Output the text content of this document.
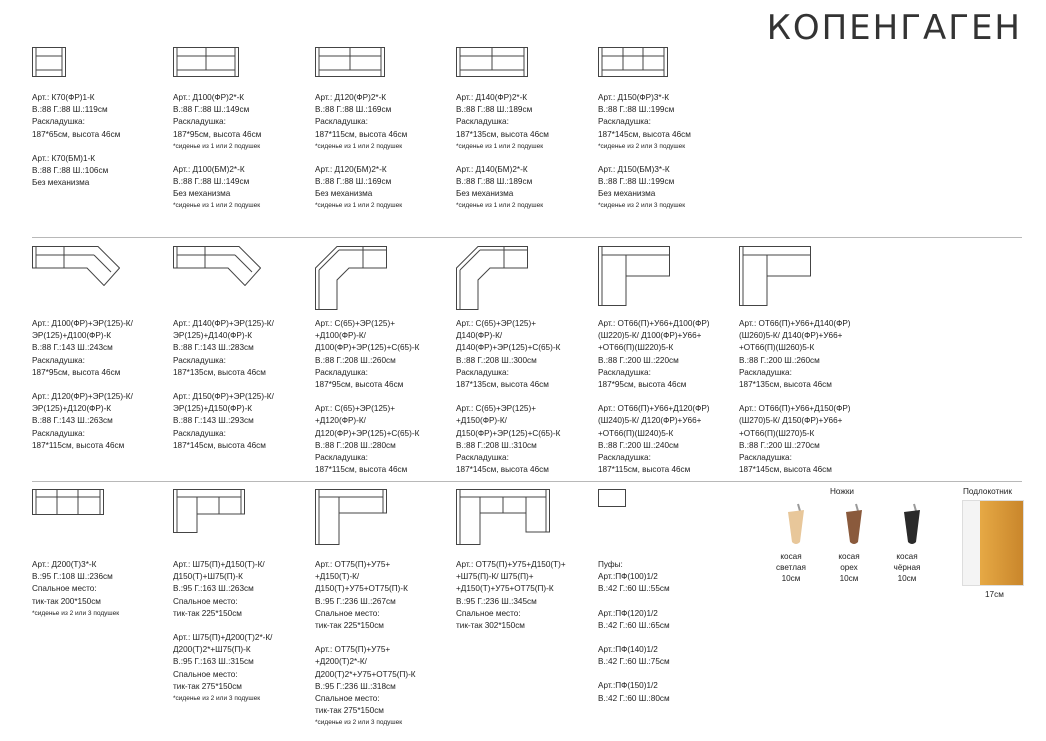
КОПЕНГАГЕН
Арт.: К70(ФР)1-К
В.:88 Г.:88 Ш.:119см
Раскладушка:
187*65см, высота 46см
Арт.: К70(БМ)1-К
В.:88 Г.:88 Ш.:106см
Без механизма
Арт.: Д100(ФР)2*-К
В.:88 Г.:88 Ш.:149см
Раскладушка:
187*95см, высота 46см
*сиденье из 1 или 2 подушек
Арт.: Д100(БМ)2*-К
В.:88 Г.:88 Ш.:149см
Без механизма
*сиденье из 1 или 2 подушек
Арт.: Д120(ФР)2*-К
В.:88 Г.:88 Ш.:169см
Раскладушка:
187*115см, высота 46см
*сиденье из 1 или 2 подушек
Арт.: Д120(БМ)2*-К
В.:88 Г.:88 Ш.:169см
Без механизма
*сиденье из 1 или 2 подушек
Арт.: Д140(ФР)2*-К
В.:88 Г.:88 Ш.:189см
Раскладушка:
187*135см, высота 46см
*сиденье из 1 или 2 подушек
Арт.: Д140(БМ)2*-К
В.:88 Г.:88 Ш.:189см
Без механизма
*сиденье из 1 или 2 подушек
Арт.: Д150(ФР)3*-К
В.:88 Г.:88 Ш.:199см
Раскладушка:
187*145см, высота 46см
*сиденье из 2 или 3 подушек
Арт.: Д150(БМ)3*-К
В.:88 Г.:88 Ш.:199см
Без механизма
*сиденье из 2 или 3 подушек
Арт.: Д100(ФР)+ЭР(125)-К/
ЭР(125)+Д100(ФР)-К
В.:88 Г.:143 Ш.:243см
Раскладушка:
187*95см, высота 46см
Арт.: Д120(ФР)+ЭР(125)-К/
ЭР(125)+Д120(ФР)-К
В.:88 Г.:143 Ш.:263см
Раскладушка:
187*115см, высота 46см
Арт.: Д140(ФР)+ЭР(125)-К/
ЭР(125)+Д140(ФР)-К
В.:88 Г.:143 Ш.:283см
Раскладушка:
187*135см, высота 46см
Арт.: Д150(ФР)+ЭР(125)-К/
ЭР(125)+Д150(ФР)-К
В.:88 Г.:143 Ш.:293см
Раскладушка:
187*145см, высота 46см
Арт.: С(65)+ЭР(125)+
+Д100(ФР)-К/
Д100(ФР)+ЭР(125)+С(65)-К
В.:88 Г.:208 Ш.:260см
Раскладушка:
187*95см, высота 46см
Арт.: С(65)+ЭР(125)+
+Д120(ФР)-К/
Д120(ФР)+ЭР(125)+С(65)-К
В.:88 Г.:208 Ш.:280см
Раскладушка:
187*115см, высота 46см
Арт.: С(65)+ЭР(125)+
Д140(ФР)-К/
Д140(ФР)+ЭР(125)+С(65)-К
В.:88 Г.:208 Ш.:300см
Раскладушка:
187*135см, высота 46см
Арт.: С(65)+ЭР(125)+
+Д150(ФР)-К/
Д150(ФР)+ЭР(125)+С(65)-К
В.:88 Г.:208 Ш.:310см
Раскладушка:
187*145см, высота 46см
Арт.: ОТ66(П)+У66+Д100(ФР)
(Ш220)5-К/ Д100(ФР)+У66+
+ОТ66(П)(Ш220)5-К
В.:88 Г.:200 Ш.:220см
Раскладушка:
187*95см, высота 46см
Арт.: ОТ66(П)+У66+Д120(ФР)
(Ш240)5-К/ Д120(ФР)+У66+
+ОТ66(П)(Ш240)5-К
В.:88 Г.:200 Ш.:240см
Раскладушка:
187*115см, высота 46см
Арт.: ОТ66(П)+У66+Д140(ФР)
(Ш260)5-К/ Д140(ФР)+У66+
+ОТ66(П)(Ш260)5-К
В.:88 Г.:200 Ш.:260см
Раскладушка:
187*135см, высота 46см
Арт.: ОТ66(П)+У66+Д150(ФР)
(Ш270)5-К/ Д150(ФР)+У66+
+ОТ66(П)(Ш270)5-К
В.:88 Г.:200 Ш.:270см
Раскладушка:
187*145см, высота 46см
Арт.: Д200(Т)3*-К
В.:95 Г.:108 Ш.:236см
Спальное место:
тик-так 200*150см
*сиденье из 2 или 3 подушек
Арт.: Ш75(П)+Д150(Т)-К/
Д150(Т)+Ш75(П)-К
В.:95 Г.:163 Ш.:263см
Спальное место:
тик-так 225*150см
Арт.: Ш75(П)+Д200(Т)2*-К/
Д200(Т)2*+Ш75(П)-К
В.:95 Г.:163 Ш.:315см
Спальное место:
тик-так 275*150см
*сиденье из 2 или 3 подушек
Арт.: ОТ75(П)+У75+
+Д150(Т)-К/
Д150(Т)+У75+ОТ75(П)-К
В.:95 Г.:236 Ш.:267см
Спальное место:
тик-так 225*150см
Арт.: ОТ75(П)+У75+
+Д200(Т)2*-К/
Д200(Т)2*+У75+ОТ75(П)-К
В.:95 Г.:236 Ш.:318см
Спальное место:
тик-так 275*150см
*сиденье из 2 или 3 подушек
Арт.: ОТ75(П)+У75+Д150(Т)+
+Ш75(П)-К/ Ш75(П)+
+Д150(Т)+У75+ОТ75(П)-К
В.:95 Г.:236 Ш.:345см
Спальное место:
тик-так 302*150см
Пуфы:
Арт.:ПФ(100)1/2
В.:42 Г.:60 Ш.:55см
Арт.:ПФ(120)1/2
В.:42 Г.:60 Ш.:65см
Арт.:ПФ(140)1/2
В.:42 Г.:60 Ш.:75см
Арт.:ПФ(150)1/2
В.:42 Г.:60 Ш.:80см
Ножки
косая
светлая
10см
косая
орех
10см
косая
чёрная
10см
Подлокотник
17см
